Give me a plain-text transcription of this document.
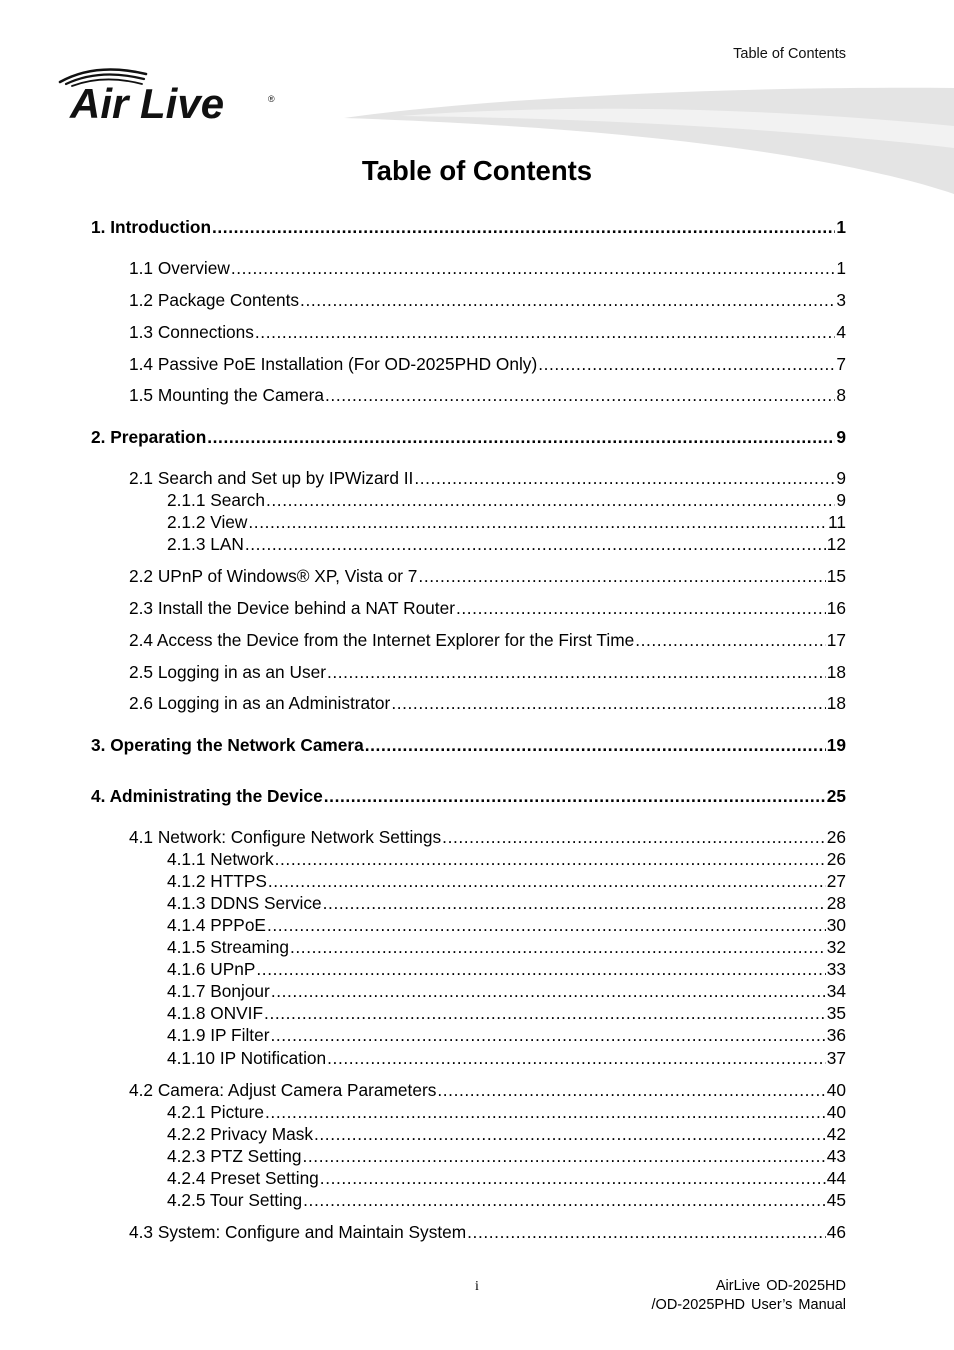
Table of Contents
Air Live	®
Table of Contents
1. Introduction .....	1
1.1 Overview .....	1
1.2 Package Contents .....	3
1.3 Connections .....	4
1.4 Passive PoE Installation (For OD-2025PHD Only) .....	7
1.5 Mounting the Camera .....	8
2. Preparation .....	9
2.1 Search and Set up by IPWizard II .....	9
2.1.1 Search .....	9
2.1.2 View .....	11
2.1.3 LAN .....	12
2.2 UPnP of Windows® XP, Vista or 7 .....	15
2.3 Install the Device behind a NAT Router .....	16
2.4 Access the Device from the Internet Explorer for the First Time .....	17
2.5 Logging in as an User .....	18
2.6 Logging in as an Administrator .....	18
3. Operating the Network Camera .....	19
4. Administrating the Device .....	25
4.1 Network: Configure Network Settings .....	26
4.1.1 Network .....	26
4.1.2 HTTPS .....	27
4.1.3 DDNS Service .....	28
4.1.4 PPPoE .....	30
4.1.5 Streaming .....	32
4.1.6 UPnP .....	33
4.1.7 Bonjour .....	34
4.1.8 ONVIF .....	35
4.1.9 IP Filter .....	36
4.1.10 IP Notification .....	37
4.2 Camera: Adjust Camera Parameters .....	40
4.2.1 Picture .....	40
4.2.2 Privacy Mask .....	42
4.2.3 PTZ Setting .....	43
4.2.4 Preset Setting .....	44
4.2.5 Tour Setting .....	45
4.3 System: Configure and Maintain System .....	46
i	AirLive OD-2025HD
/OD-2025PHD User’s Manual
